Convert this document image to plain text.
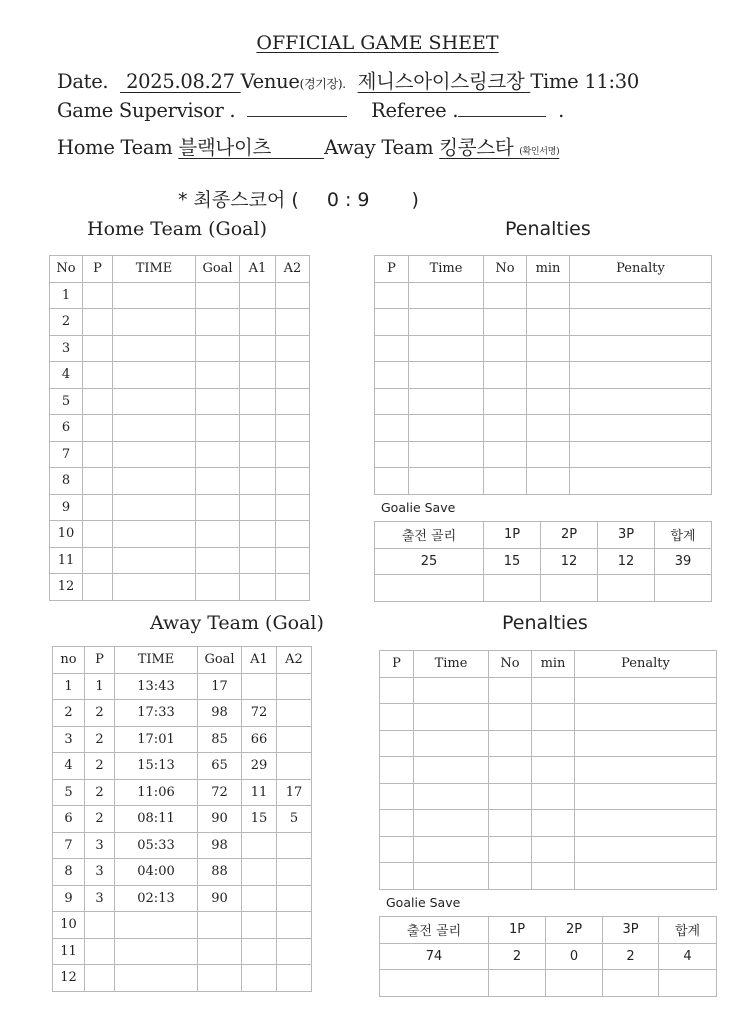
OFFICIAL GAME SHEET
Date. 2025.08.27 Venue(경기장). 제니스아이스링크장 Time 11:30
Game Supervisor .	Referee .	.
Home Team 블랙나이츠	Away Team 킹콩스타 (확인서명)
* 최종스코어 ( 0 : 9 )
Home Team (Goal)	Penalties
No	P	TIME	Goal	A1	A2
1					
2					
3					
4					
5					
6					
7					
8					
9					
10					
11					
12					
P	Time	No	min	Penalty

Goalie Save
출전 골리	1P	2P	3P	합계
25	15	12	12	39

Away Team (Goal)	Penalties
no	P	TIME	Goal	A1	A2
1	1	13:43	17		
2	2	17:33	98	72	
3	2	17:01	85	66	
4	2	15:13	65	29	
5	2	11:06	72	11	17
6	2	08:11	90	15	5
7	3	05:33	98		
8	3	04:00	88		
9	3	02:13	90		
10					
11					
12					
P	Time	No	min	Penalty

Goalie Save
출전 골리	1P	2P	3P	합계
74	2	0	2	4
